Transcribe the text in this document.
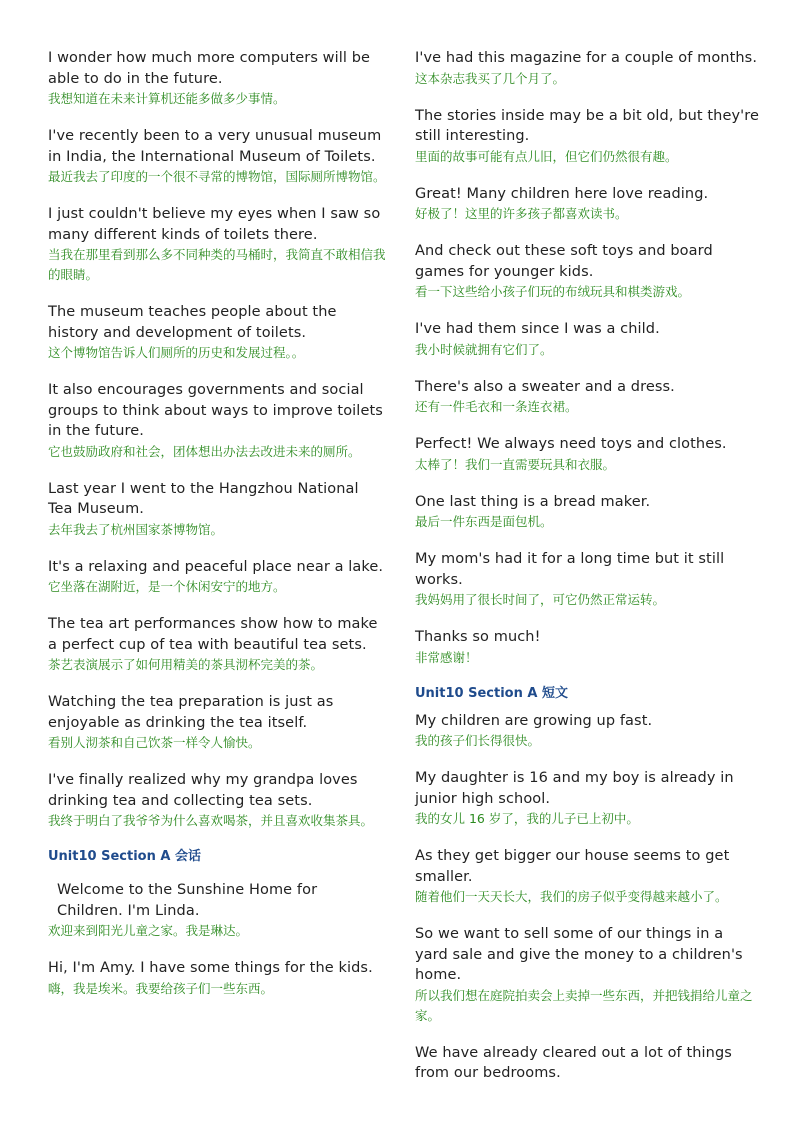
I wonder how much more computers will be able to do in the future.
我想知道在未来计算机还能多做多少事情。
I've recently been to a very unusual museum in India, the International Museum of Toilets.
最近我去了印度的一个很不寻常的博物馆，国际厕所博物馆。
I just couldn't believe my eyes when I saw so many different kinds of toilets there.
当我在那里看到那么多不同种类的马桶时，我简直不敢相信我的眼睛。
The museum teaches people about the history and development of toilets.
这个博物馆告诉人们厕所的历史和发展过程。。
It also encourages governments and social groups to think about ways to improve toilets in the future.
它也鼓励政府和社会，团体想出办法去改进未来的厕所。
Last year I went to the Hangzhou National Tea Museum.
去年我去了杭州国家茶博物馆。
It's a relaxing and peaceful place near a lake.
它坐落在湖附近，是一个休闲安宁的地方。
The tea art performances show how to make a perfect cup of tea with beautiful tea sets.
茶艺表演展示了如何用精美的茶具沏杯完美的茶。
Watching the tea preparation is just as enjoyable as drinking the tea itself.
看别人沏茶和自己饮茶一样令人愉快。
I've finally realized why my grandpa loves drinking tea and collecting tea sets.
我终于明白了我爷爷为什么喜欢喝茶，并且喜欢收集茶具。
Unit10 Section A 会话
Welcome to the Sunshine Home for Children. I'm Linda.
欢迎来到阳光儿童之家。我是琳达。
Hi, I'm Amy. I have some things for the kids.
嗨，我是埃米。我要给孩子们一些东西。
I've had this magazine for a couple of months.
这本杂志我买了几个月了。
The stories inside may be a bit old, but they're still interesting.
里面的故事可能有点儿旧，但它们仍然很有趣。
Great! Many children here love reading.
好极了！这里的许多孩子都喜欢读书。
And check out these soft toys and board games for younger kids.
看一下这些给小孩子们玩的布绒玩具和棋类游戏。
I've had them since I was a child.
我小时候就拥有它们了。
There's also a sweater and a dress.
还有一件毛衣和一条连衣裙。
Perfect! We always need toys and clothes.
太棒了！我们一直需要玩具和衣服。
One last thing is a bread maker.
最后一件东西是面包机。
My mom's had it for a long time but it still works.
我妈妈用了很长时间了，可它仍然正常运转。
Thanks so much!
非常感谢！
Unit10 Section A 短文
My children are growing up fast.
我的孩子们长得很快。
My daughter is 16 and my boy is already in junior high school.
我的女儿 16 岁了，我的儿子已上初中。
As they get bigger our house seems to get smaller.
随着他们一天天长大，我们的房子似乎变得越来越小了。
So we want to sell some of our things in a yard sale and give the money to a children's home.
所以我们想在庭院拍卖会上卖掉一些东西，并把钱捐给儿童之家。
We have already cleared out a lot of things from our bedrooms.
